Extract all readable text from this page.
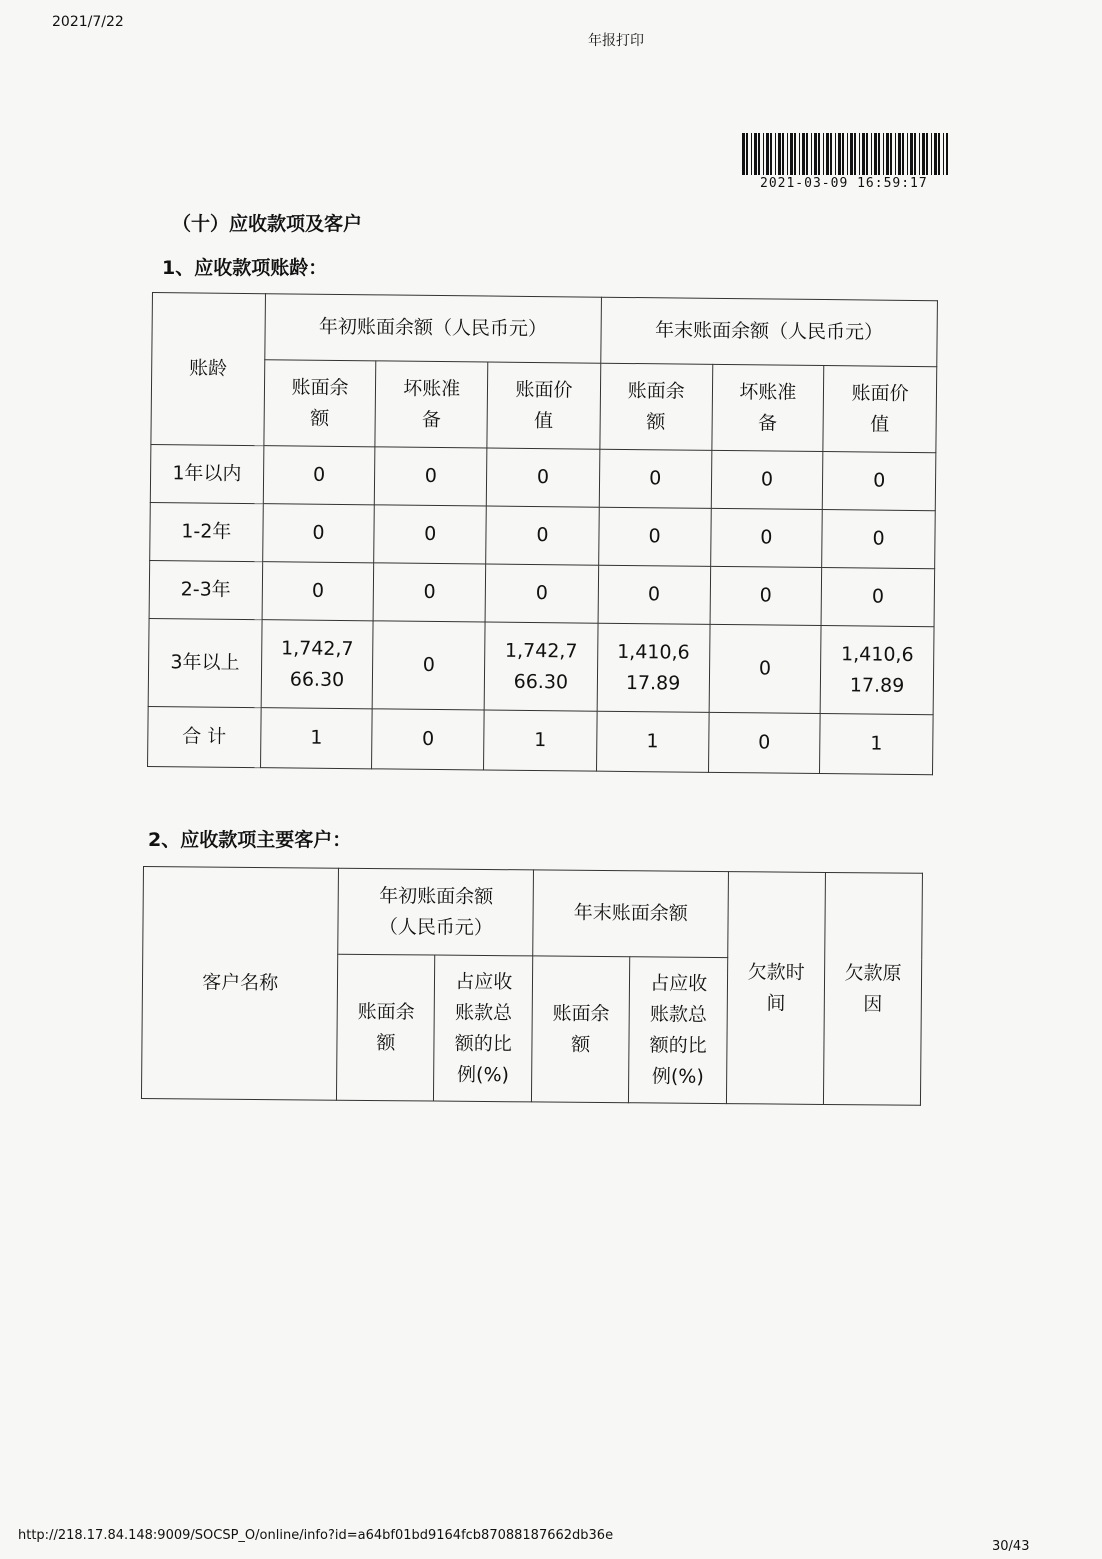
2021/7/22
年报打印
2021-03-09 16:59:17
（十）应收款项及客户
1、应收款项账龄：
账龄	年初账面余额（人民币元）			年末账面余额（人民币元）		

	账面余额	坏账准备	账面价值	账面余额	坏账准备	账面价值

1年以内	0	0	0	0	0	0

1-2年	0	0	0	0	0	0

2-3年	0	0	0	0	0	0

3年以上	1,742,766.30	0	1,742,766.30	1,410,617.89	0	1,410,617.89

合 计	1	0	1	1	0	1
2、应收款项主要客户：
客户名称	年初账面余额（人民币元）		年末账面余额		欠款时间	欠款原因

	账面余额	占应收账款总额的比例(%)	账面余额	占应收账款总额的比例(%)		
http://218.17.84.148:9009/SOCSP_O/online/info?id=a64bf01bd9164fcb87088187662db36e
30/43
